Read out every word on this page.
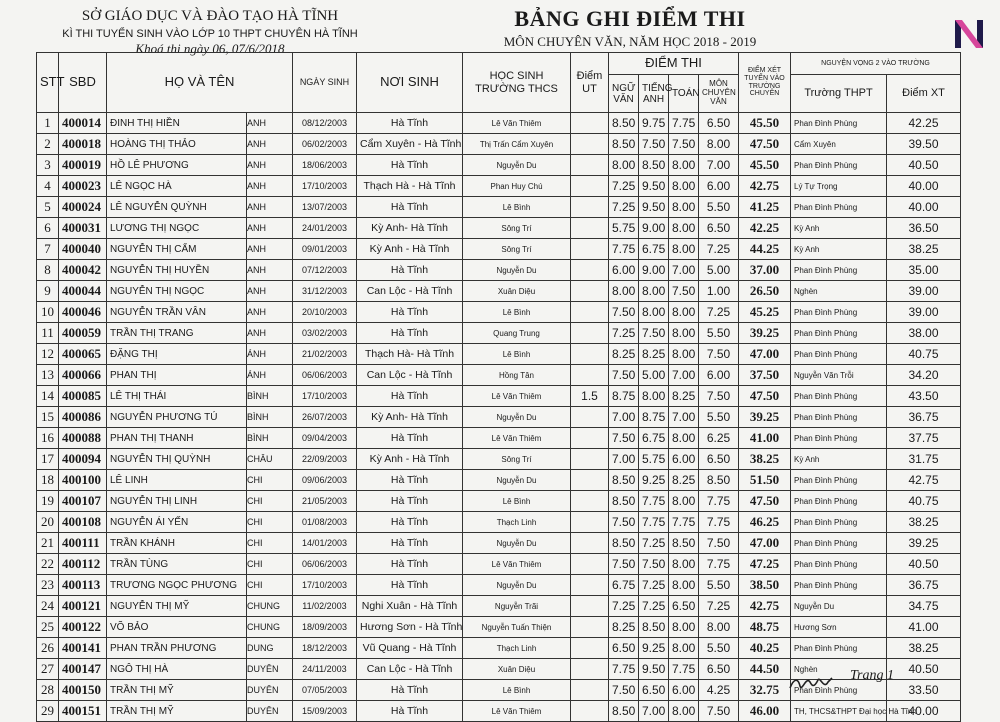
SỞ GIÁO DỤC VÀ ĐÀO TẠO HÀ TĨNH
KÌ THI TUYỂN SINH VÀO LỚP 10 THPT CHUYÊN HÀ TĨNH
Khoá thi ngày 06, 07/6/2018
BẢNG GHI ĐIỂM THI
MÔN CHUYÊN VĂN, NĂM HỌC 2018 - 2019
STT	SBD	HỌ VÀ TÊN		NGÀY SINH	NƠI SINH	HỌC SINH TRƯỜNG THCS	Điểm UT	ĐIỂM THI				ĐIỂM XÉT TUYỂN VÀO TRƯỜNG CHUYÊN	NGUYỆN VỌNG 2 VÀO TRƯỜNG	
								NGỮ VĂN	TIẾNG ANH	TOÁN	MÔN CHUYÊN VĂN		Trường THPT	Điểm XT
1	400014	ĐINH THỊ HIỀN	ANH	08/12/2003	Hà Tĩnh	Lê Văn Thiêm		8.50	9.75	7.75	6.50	45.50	Phan Đình Phùng	42.25
2	400018	HOÀNG THỊ THẢO	ANH	06/02/2003	Cẩm Xuyên - Hà Tĩnh	Thị Trấn Cẩm Xuyên		8.50	7.50	7.50	8.00	47.50	Cẩm Xuyên	39.50
3	400019	HỒ LÊ PHƯƠNG	ANH	18/06/2003	Hà Tĩnh	Nguyễn Du		8.00	8.50	8.00	7.00	45.50	Phan Đình Phùng	40.50
4	400023	LÊ NGỌC HÀ	ANH	17/10/2003	Thạch Hà - Hà Tĩnh	Phan Huy Chú		7.25	9.50	8.00	6.00	42.75	Lý Tự Trọng	40.00
5	400024	LÊ NGUYỄN QUỲNH	ANH	13/07/2003	Hà Tĩnh	Lê Bình		7.25	9.50	8.00	5.50	41.25	Phan Đình Phùng	40.00
6	400031	LƯƠNG THỊ NGỌC	ANH	24/01/2003	Kỳ Anh- Hà Tĩnh	Sông Trí		5.75	9.00	8.00	6.50	42.25	Kỳ Anh	36.50
7	400040	NGUYỄN THỊ CẨM	ANH	09/01/2003	Kỳ Anh - Hà Tĩnh	Sông Trí		7.75	6.75	8.00	7.25	44.25	Kỳ Anh	38.25
8	400042	NGUYỄN THỊ HUYỀN	ANH	07/12/2003	Hà Tĩnh	Nguyễn Du		6.00	9.00	7.00	5.00	37.00	Phan Đình Phùng	35.00
9	400044	NGUYỄN THỊ NGỌC	ANH	31/12/2003	Can Lộc - Hà Tĩnh	Xuân Diệu		8.00	8.00	7.50	1.00	26.50	Nghèn	39.00
10	400046	NGUYỄN TRẦN VÂN	ANH	20/10/2003	Hà Tĩnh	Lê Bình		7.50	8.00	8.00	7.25	45.25	Phan Đình Phùng	39.00
11	400059	TRẦN THỊ TRANG	ANH	03/02/2003	Hà Tĩnh	Quang Trung		7.25	7.50	8.00	5.50	39.25	Phan Đình Phùng	38.00
12	400065	ĐẶNG THỊ	ÁNH	21/02/2003	Thạch Hà- Hà Tĩnh	Lê Bình		8.25	8.25	8.00	7.50	47.00	Phan Đình Phùng	40.75
13	400066	PHAN THỊ	ÁNH	06/06/2003	Can Lộc - Hà Tĩnh	Hồng Tân		7.50	5.00	7.00	6.00	37.50	Nguyễn Văn Trỗi	34.20
14	400085	LÊ THỊ THÁI	BÌNH	17/10/2003	Hà Tĩnh	Lê Văn Thiêm	1.5	8.75	8.00	8.25	7.50	47.50	Phan Đình Phùng	43.50
15	400086	NGUYỄN PHƯƠNG TÚ	BÌNH	26/07/2003	Kỳ Anh- Hà Tĩnh	Nguyễn Du		7.00	8.75	7.00	5.50	39.25	Phan Đình Phùng	36.75
16	400088	PHAN THỊ THANH	BÌNH	09/04/2003	Hà Tĩnh	Lê Văn Thiêm		7.50	6.75	8.00	6.25	41.00	Phan Đình Phùng	37.75
17	400094	NGUYỄN THỊ QUỲNH	CHÂU	22/09/2003	Kỳ Anh - Hà Tĩnh	Sông Trí		7.00	5.75	6.00	6.50	38.25	Kỳ Anh	31.75
18	400100	LÊ LINH	CHI	09/06/2003	Hà Tĩnh	Nguyễn Du		8.50	9.25	8.25	8.50	51.50	Phan Đình Phùng	42.75
19	400107	NGUYỄN THỊ LINH	CHI	21/05/2003	Hà Tĩnh	Lê Bình		8.50	7.75	8.00	7.75	47.50	Phan Đình Phùng	40.75
20	400108	NGUYỄN ÁI YẾN	CHI	01/08/2003	Hà Tĩnh	Thạch Linh		7.50	7.75	7.75	7.75	46.25	Phan Đình Phùng	38.25
21	400111	TRẦN KHÁNH	CHI	14/01/2003	Hà Tĩnh	Nguyễn Du		8.50	7.25	8.50	7.50	47.00	Phan Đình Phùng	39.25
22	400112	TRẦN TÙNG	CHI	06/06/2003	Hà Tĩnh	Lê Văn Thiêm		7.50	7.50	8.00	7.75	47.25	Phan Đình Phùng	40.50
23	400113	TRƯƠNG NGỌC PHƯƠNG	CHI	17/10/2003	Hà Tĩnh	Nguyễn Du		6.75	7.25	8.00	5.50	38.50	Phan Đình Phùng	36.75
24	400121	NGUYỄN THỊ MỸ	CHUNG	11/02/2003	Nghi Xuân - Hà Tĩnh	Nguyễn Trãi		7.25	7.25	6.50	7.25	42.75	Nguyễn Du	34.75
25	400122	VÕ BẢO	CHUNG	18/09/2003	Hương Sơn - Hà Tĩnh	Nguyễn Tuấn Thiện		8.25	8.50	8.00	8.00	48.75	Hương Sơn	41.00
26	400141	PHAN TRẦN PHƯƠNG	DUNG	18/12/2003	Vũ Quang - Hà Tĩnh	Thạch Linh		6.50	9.25	8.00	5.50	40.25	Phan Đình Phùng	38.25
27	400147	NGÔ THỊ HÀ	DUYÊN	24/11/2003	Can Lộc - Hà Tĩnh	Xuân Diệu		7.75	9.50	7.75	6.50	44.50	Nghèn	40.50
28	400150	TRẦN THỊ MỸ	DUYÊN	07/05/2003	Hà Tĩnh	Lê Bình		7.50	6.50	6.00	4.25	32.75	Phan Đình Phùng	33.50
29	400151	TRẦN THỊ MỸ	DUYÊN	15/09/2003	Hà Tĩnh	Lê Văn Thiêm		8.50	7.00	8.00	7.50	46.00	TH, THCS&THPT Đại học Hà Tĩnh	40.00
Trang 1
